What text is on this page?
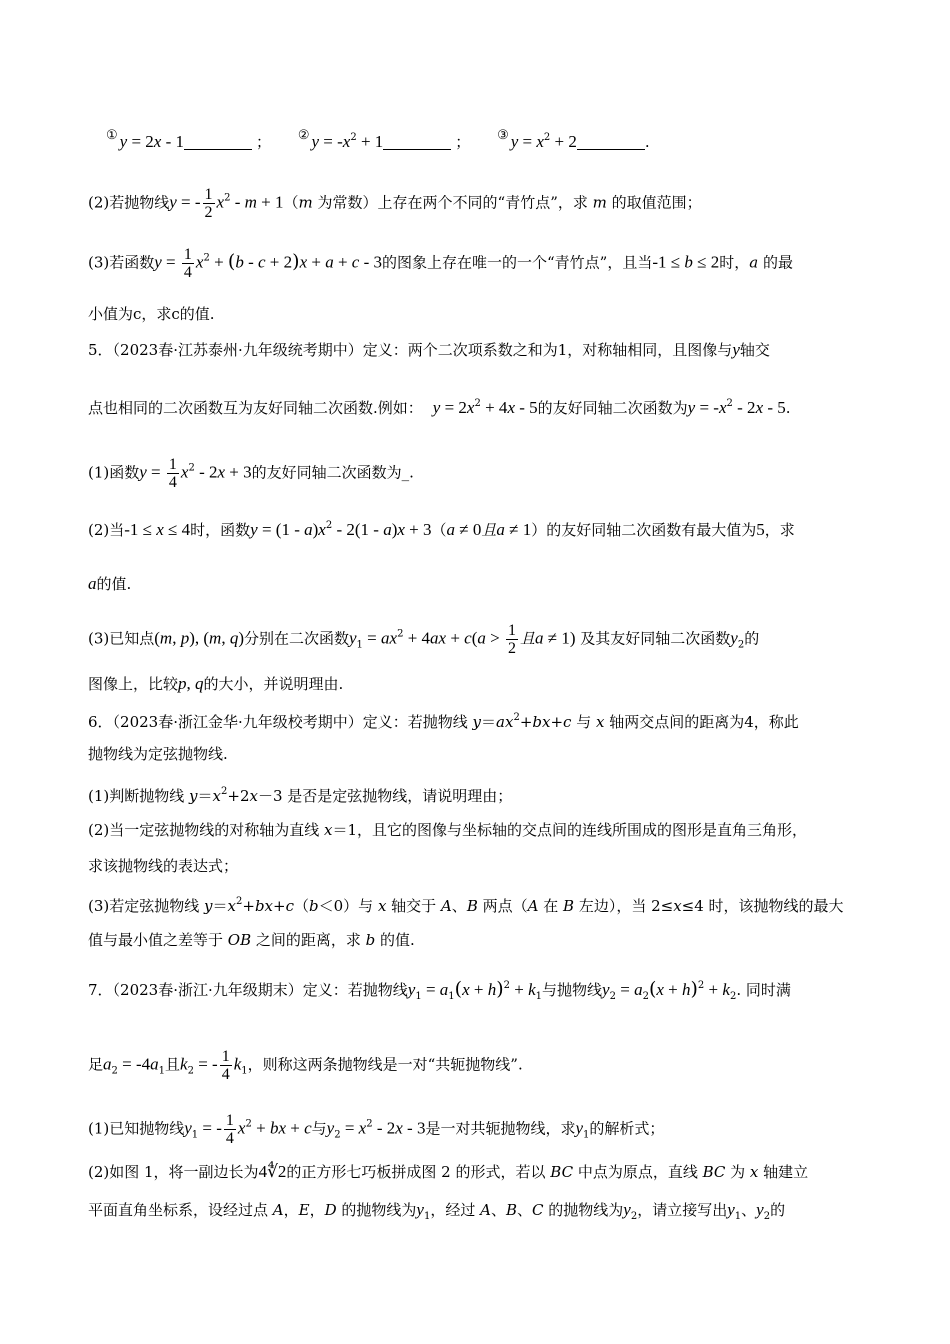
① y = 2x - 1	； ② $y = -x^2 + 1$	； ③ $y = x^2 + 2$	.
(2)若抛物线y = - $\frac{1}{2} x^2 - m + 1(m$ 为常数）上存在两个不同的“青竹点”，求 m 的取值范围；
(3)若函数$y = \frac{1}{4} x^2 + (b - c + 2)x + a + c - 3$的图象上存在唯一的一个“青竹点”，且当-1 ≤ b ≤ 2时，a 的最
小值为c，求c的值.
5．（2023春·江苏泰州·九年级统考期中）定义：两个二次项系数之和为1，对称轴相同，且图像与y轴交
点也相同的二次函数互为友好同轴二次函数.例如： $y = 2x^2 + 4x - 5$的友好同轴二次函数为$y = -x^2 - 2x - 5$.
(1)函数$y = \frac{1}{4} x^2 - 2x + 3$的友好同轴二次函数为_.
(2)当-1 ≤ x ≤ 4时，函数$y = (1 - a)x^2 - 2(1 - a)x + 3(a \ne 0$且a ≠ 1）的友好同轴二次函数有最大值为5，求
a的值.
(3)已知点(m, p), (m, q)分别在二次函数$y_1 = ax^2 + 4ax + c(a > \frac{1}{2}$ 且a ≠ 1) 及其友好同轴二次函数$y_2$的
图像上，比较p, q的大小，并说明理由.
6．（2023春·浙江金华·九年级校考期中）定义：若抛物线 $y=ax^2+bx+c$ 与 x 轴两交点间的距离为4，称此
抛物线为定弦抛物线.
(1)判断抛物线 $y=x^2+2x-3$ 是否是定弦抛物线，请说明理由；
(2)当一定弦抛物线的对称轴为直线 x＝1，且它的图像与坐标轴的交点间的连线所围成的图形是直角三角形，
求该抛物线的表达式；
(3)若定弦抛物线 $y=x^2+bx+c(b<0)$与 x 轴交于 A、B 两点（A 在 B 左边），当 2≤x≤4 时，该抛物线的最大
值与最小值之差等于 OB 之间的距离，求 b 的值.
7．（2023春·浙江·九年级期末）定义：若抛物线$y_1 = a_1(x + h)^2 + k_1$与抛物线$y_2 = a_2(x + h)^2 + k_2$. 同时满
足$a_2 = -4a_1$且$k_2$ = - $\frac{1}{4} k_1$，则称这两条抛物线是一对“共轭抛物线”.
(1)已知抛物线$y_1$ = - $\frac{1}{4} x^2$ + bx + c与$y_2 = x^2 - 2x - 3$是一对共轭抛物线，求$y_1$的解析式；
(2)如图 1，将一副边长为4∜2的正方形七巧板拼成图 2 的形式，若以 BC 中点为原点，直线 BC 为 x 轴建立
平面直角坐标系，设经过点 A，E，D 的抛物线为$y_1$，经过 A、B、C 的抛物线为$y_2$，请立接写出$y_1$、$y_2$的
